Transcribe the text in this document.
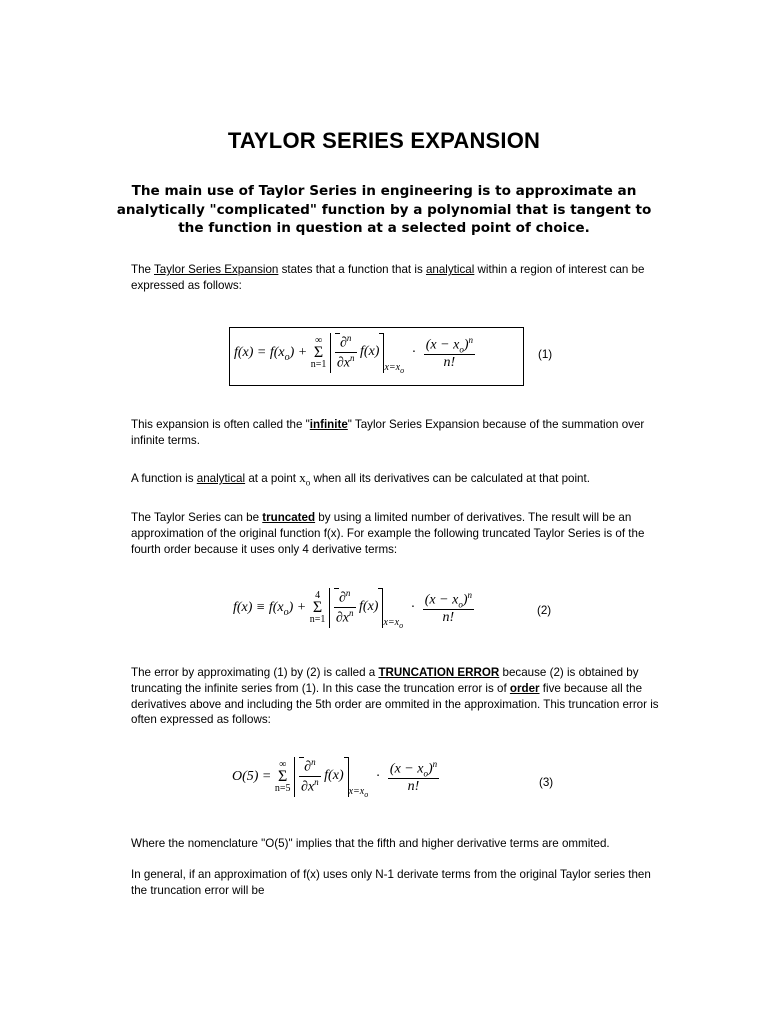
TAYLOR SERIES EXPANSION
The main use of Taylor Series in engineering is to approximate an analytically "complicated" function by a polynomial that is tangent to the function in question at a selected point of choice.
The Taylor Series Expansion states that a function that is analytical within a region of interest can be expressed as follows:
$f(x) = f(x_o)$ +
∞
Σ
n=1
$\frac{\partial^n}{\partial x^n} f(x)_{x=x_o} \cdot \frac{(x - x_o)^n}{n!}$	(1)
This expansion is often called the "infinite" Taylor Series Expansion because of the summation over infinite terms.
A function is analytical at a point $x_o$ when all its derivatives can be calculated at that point.
The Taylor Series can be truncated by using a limited number of derivatives. The result will be an approximation of the original function f(x). For example the following truncated Taylor Series is of the fourth order because it uses only 4 derivative terms:
$f(x) \equiv f(x_o)$ +
4
Σ
n=1
$\frac{\partial^n}{\partial x^n} f(x)_{x=x_o} \cdot \frac{(x - x_o)^n}{n!}$	(2)
The error by approximating (1) by (2) is called a TRUNCATION ERROR because (2) is obtained by truncating the infinite series from (1). In this case the truncation error is of order five because all the derivatives above and including the 5th order are ommited in the approximation. This truncation error is often expressed as follows:
O(5) =
∞
Σ
n=5
$\frac{\partial^n}{\partial x^n} f(x)_{x=x_o} \cdot \frac{(x - x_o)^n}{n!}$	(3)
Where the nomenclature "O(5)" implies that the fifth and higher derivative terms are ommited.
In general, if an approximation of f(x) uses only N-1 derivate terms from the original Taylor series then the truncation error will be
